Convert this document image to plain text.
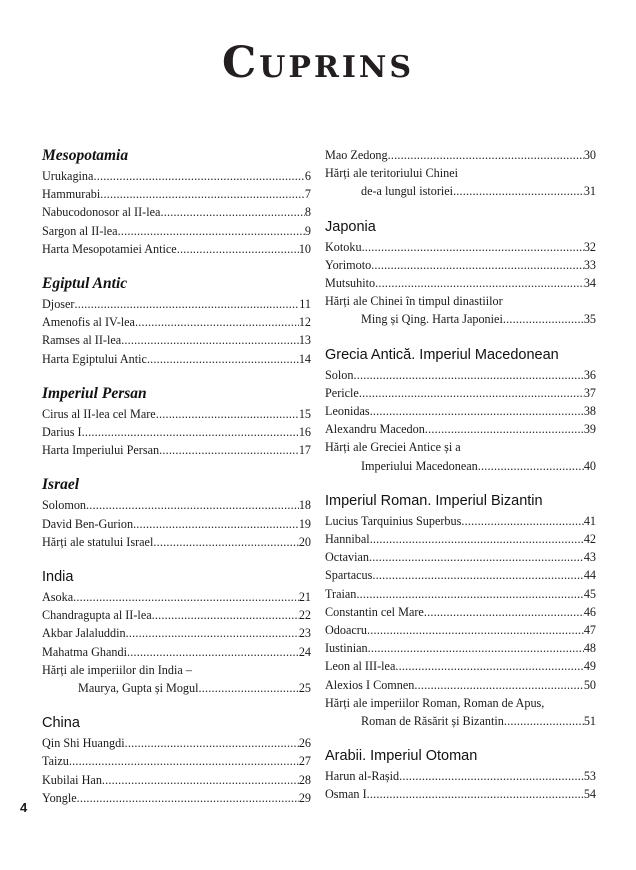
Cuprins
Mesopotamia
Urukagina .....	6
Hammurabi .....	7
Nabucodonosor al II-lea .....	8
Sargon al II-lea .....	9
Harta Mesopotamiei Antice .....	10
Egiptul Antic
Djoser .....	11
Amenofis al IV-lea .....	12
Ramses al II-lea .....	13
Harta Egiptului Antic .....	14
Imperiul Persan
Cirus al II-lea cel Mare .....	15
Darius I .....	16
Harta Imperiului Persan .....	17
Israel
Solomon .....	18
David Ben-Gurion .....	19
Hărți ale statului Israel .....	20
India
Asoka .....	21
Chandragupta al II-lea .....	22
Akbar Jalaluddin .....	23
Mahatma Ghandi .....	24
Hărți ale imperiilor din India –
Maurya, Gupta și Mogul .....	25
China
Qin Shi Huangdi .....	26
Taizu .....	27
Kubilai Han .....	28
Yongle .....	29
Mao Zedong .....	30
Hărți ale teritoriului Chinei
de-a lungul istoriei .....	31
Japonia
Kotoku .....	32
Yorimoto .....	33
Mutsuhito .....	34
Hărți ale Chinei în timpul dinastiilor
Ming și Qing. Harta Japoniei .....	35
Grecia Antică. Imperiul Macedonean
Solon .....	36
Pericle .....	37
Leonidas .....	38
Alexandru Macedon .....	39
Hărți ale Greciei Antice și a
Imperiului Macedonean .....	40
Imperiul Roman. Imperiul Bizantin
Lucius Tarquinius Superbus .....	41
Hannibal .....	42
Octavian .....	43
Spartacus .....	44
Traian .....	45
Constantin cel Mare .....	46
Odoacru .....	47
Iustinian .....	48
Leon al III-lea .....	49
Alexios I Comnen .....	50
Hărți ale imperiilor Roman, Roman de Apus,
Roman de Răsărit și Bizantin .....	51
Arabii. Imperiul Otoman
Harun al-Rașid .....	53
Osman I .....	54
4
